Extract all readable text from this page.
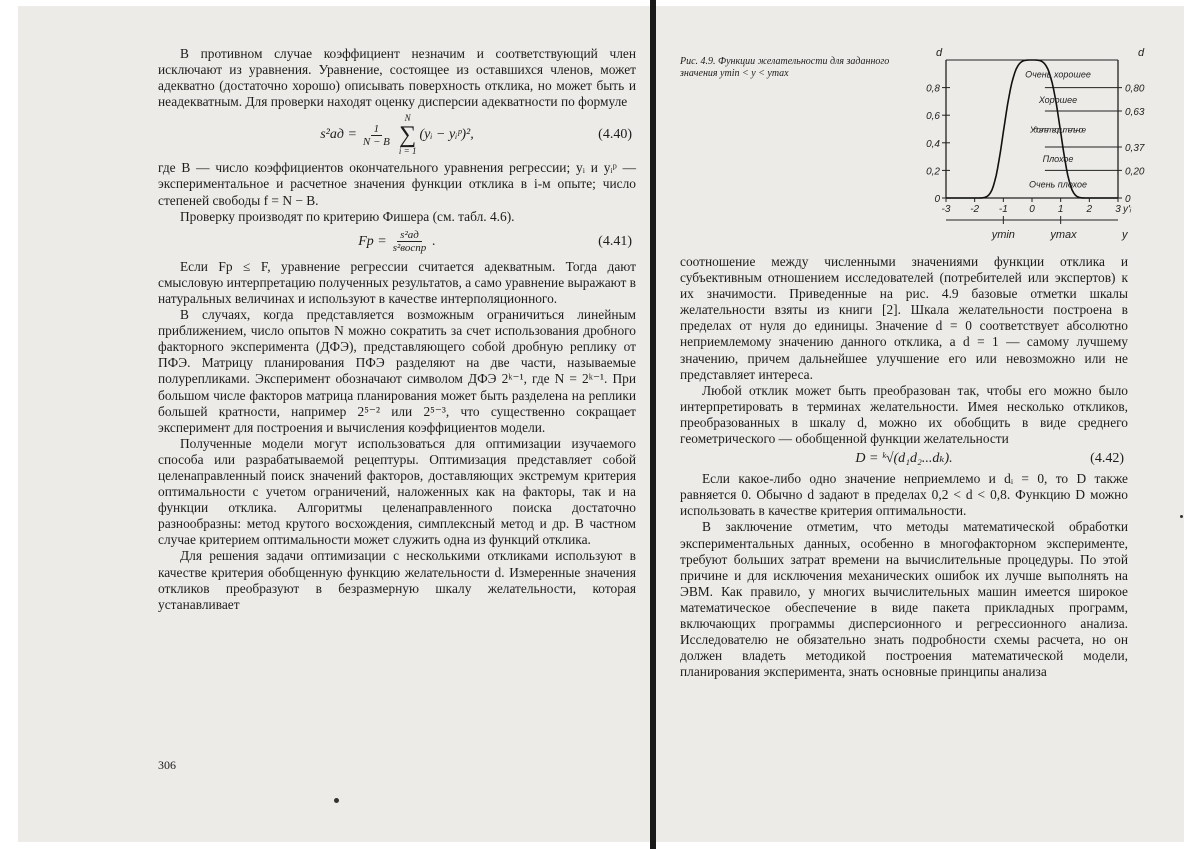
В противном случае коэффициент незначим и соответствующий член исключают из уравнения. Уравнение, состоящее из оставшихся членов, может адекватно (достаточно хорошо) описывать поверхность отклика, но может быть и неадекватным. Для проверки находят оценку дисперсии адекватности по формуле

$s^2ад = \frac{1}{N - B}$
N
∑
i = 1
(yᵢ − yᵢᵖ)²,	(4.40)

где B — число коэффициентов окончательного уравнения регрессии; yᵢ и yᵢᵖ — экспериментальное и расчетное значения функции отклика в i-м опыте; число степеней свободы f = N − B.

Проверку производят по критерию Фишера (см. табл. 4.6).

Fр = $\frac{\text{s²ад}}{\text{s²воспр}}$ .	(4.41)

Если Fр ≤ F, уравнение регрессии считается адекватным. Тогда дают смысловую интерпретацию полученных результатов, а само уравнение выражают в натуральных величинах и используют в качестве интерполяционного.

В случаях, когда представляется возможным ограничиться линейным приближением, число опытов N можно сократить за счет использования дробного факторного эксперимента (ДФЭ), представляющего собой дробную реплику от ПФЭ. Матрицу планирования ПФЭ разделяют на две части, называемые полурепликами. Эксперимент обозначают символом ДФЭ 2ᵏ⁻¹, где N = 2ᵏ⁻¹. При большом числе факторов матрица планирования может быть разделена на реплики большей кратности, например 2⁵⁻² или 2⁵⁻³, что существенно сокращает эксперимент для построения и вычисления коэффициентов модели.

Полученные модели могут использоваться для оптимизации изучаемого способа или разрабатываемой рецептуры. Оптимизация представляет собой целенаправленный поиск значений факторов, доставляющих экстремум критерия оптимальности с учетом ограничений, наложенных как на факторы, так и на функции отклика. Алгоритмы целенаправленного поиска достаточно разнообразны: метод крутого восхождения, симплексный метод и др. В частном случае критерием оптимальности может служить одна из функций отклика.

Для решения задачи оптимизации с несколькими откликами используют в качестве критерия обобщенную функцию желательности d. Измеренные значения откликов преобразуют в безразмерную шкалу желательности, которая устанавливает

306
Рис. 4.9. Функции желательности для заданного значения ymin < y < ymax
0,8
0,6
0,4
0,2
0
0,80
0,63
0,37
0,20
0
Очень хорошее
Хорошее
Удовлетворительное
Плохое
Очень плохое
-3 -2 -1 0 1 2 3 y'ᵢ
d	d
ymin	ymax	y

соотношение между численными значениями функции отклика и субъективным отношением исследователей (потребителей или экспертов) к их значимости. Приведенные на рис. 4.9 базовые отметки шкалы желательности взяты из книги [2]. Шкала желательности построена в пределах от нуля до единицы. Значение d = 0 соответствует абсолютно неприемлемому значению данного отклика, а d = 1 — самому лучшему значению, причем дальнейшее улучшение его или невозможно или не представляет интереса.

Любой отклик может быть преобразован так, чтобы его можно было интерпретировать в терминах желательности. Имея несколько откликов, преобразованных в шкалу d, можно их обобщить в виде среднего геометрического — обобщенной функции желательности

D = ᵏ√(d₁d₂...dₖ).	(4.42)

Если какое-либо одно значение неприемлемо и dᵢ = 0, то D также равняется 0. Обычно d задают в пределах 0,2 < d < 0,8. Функцию D можно использовать в качестве критерия оптимальности.

В заключение отметим, что методы математической обработки экспериментальных данных, особенно в многофакторном эксперименте, требуют больших затрат времени на вычислительные процедуры. По этой причине и для исключения механических ошибок их лучше выполнять на ЭВМ. Как правило, у многих вычислительных машин имеется широкое математическое обеспечение в виде пакета прикладных программ, включающих программы дисперсионного и регрессионного анализа. Исследователю не обязательно знать подробности схемы расчета, но он должен владеть методикой построения математической модели, планирования эксперимента, знать основные принципы анализа
